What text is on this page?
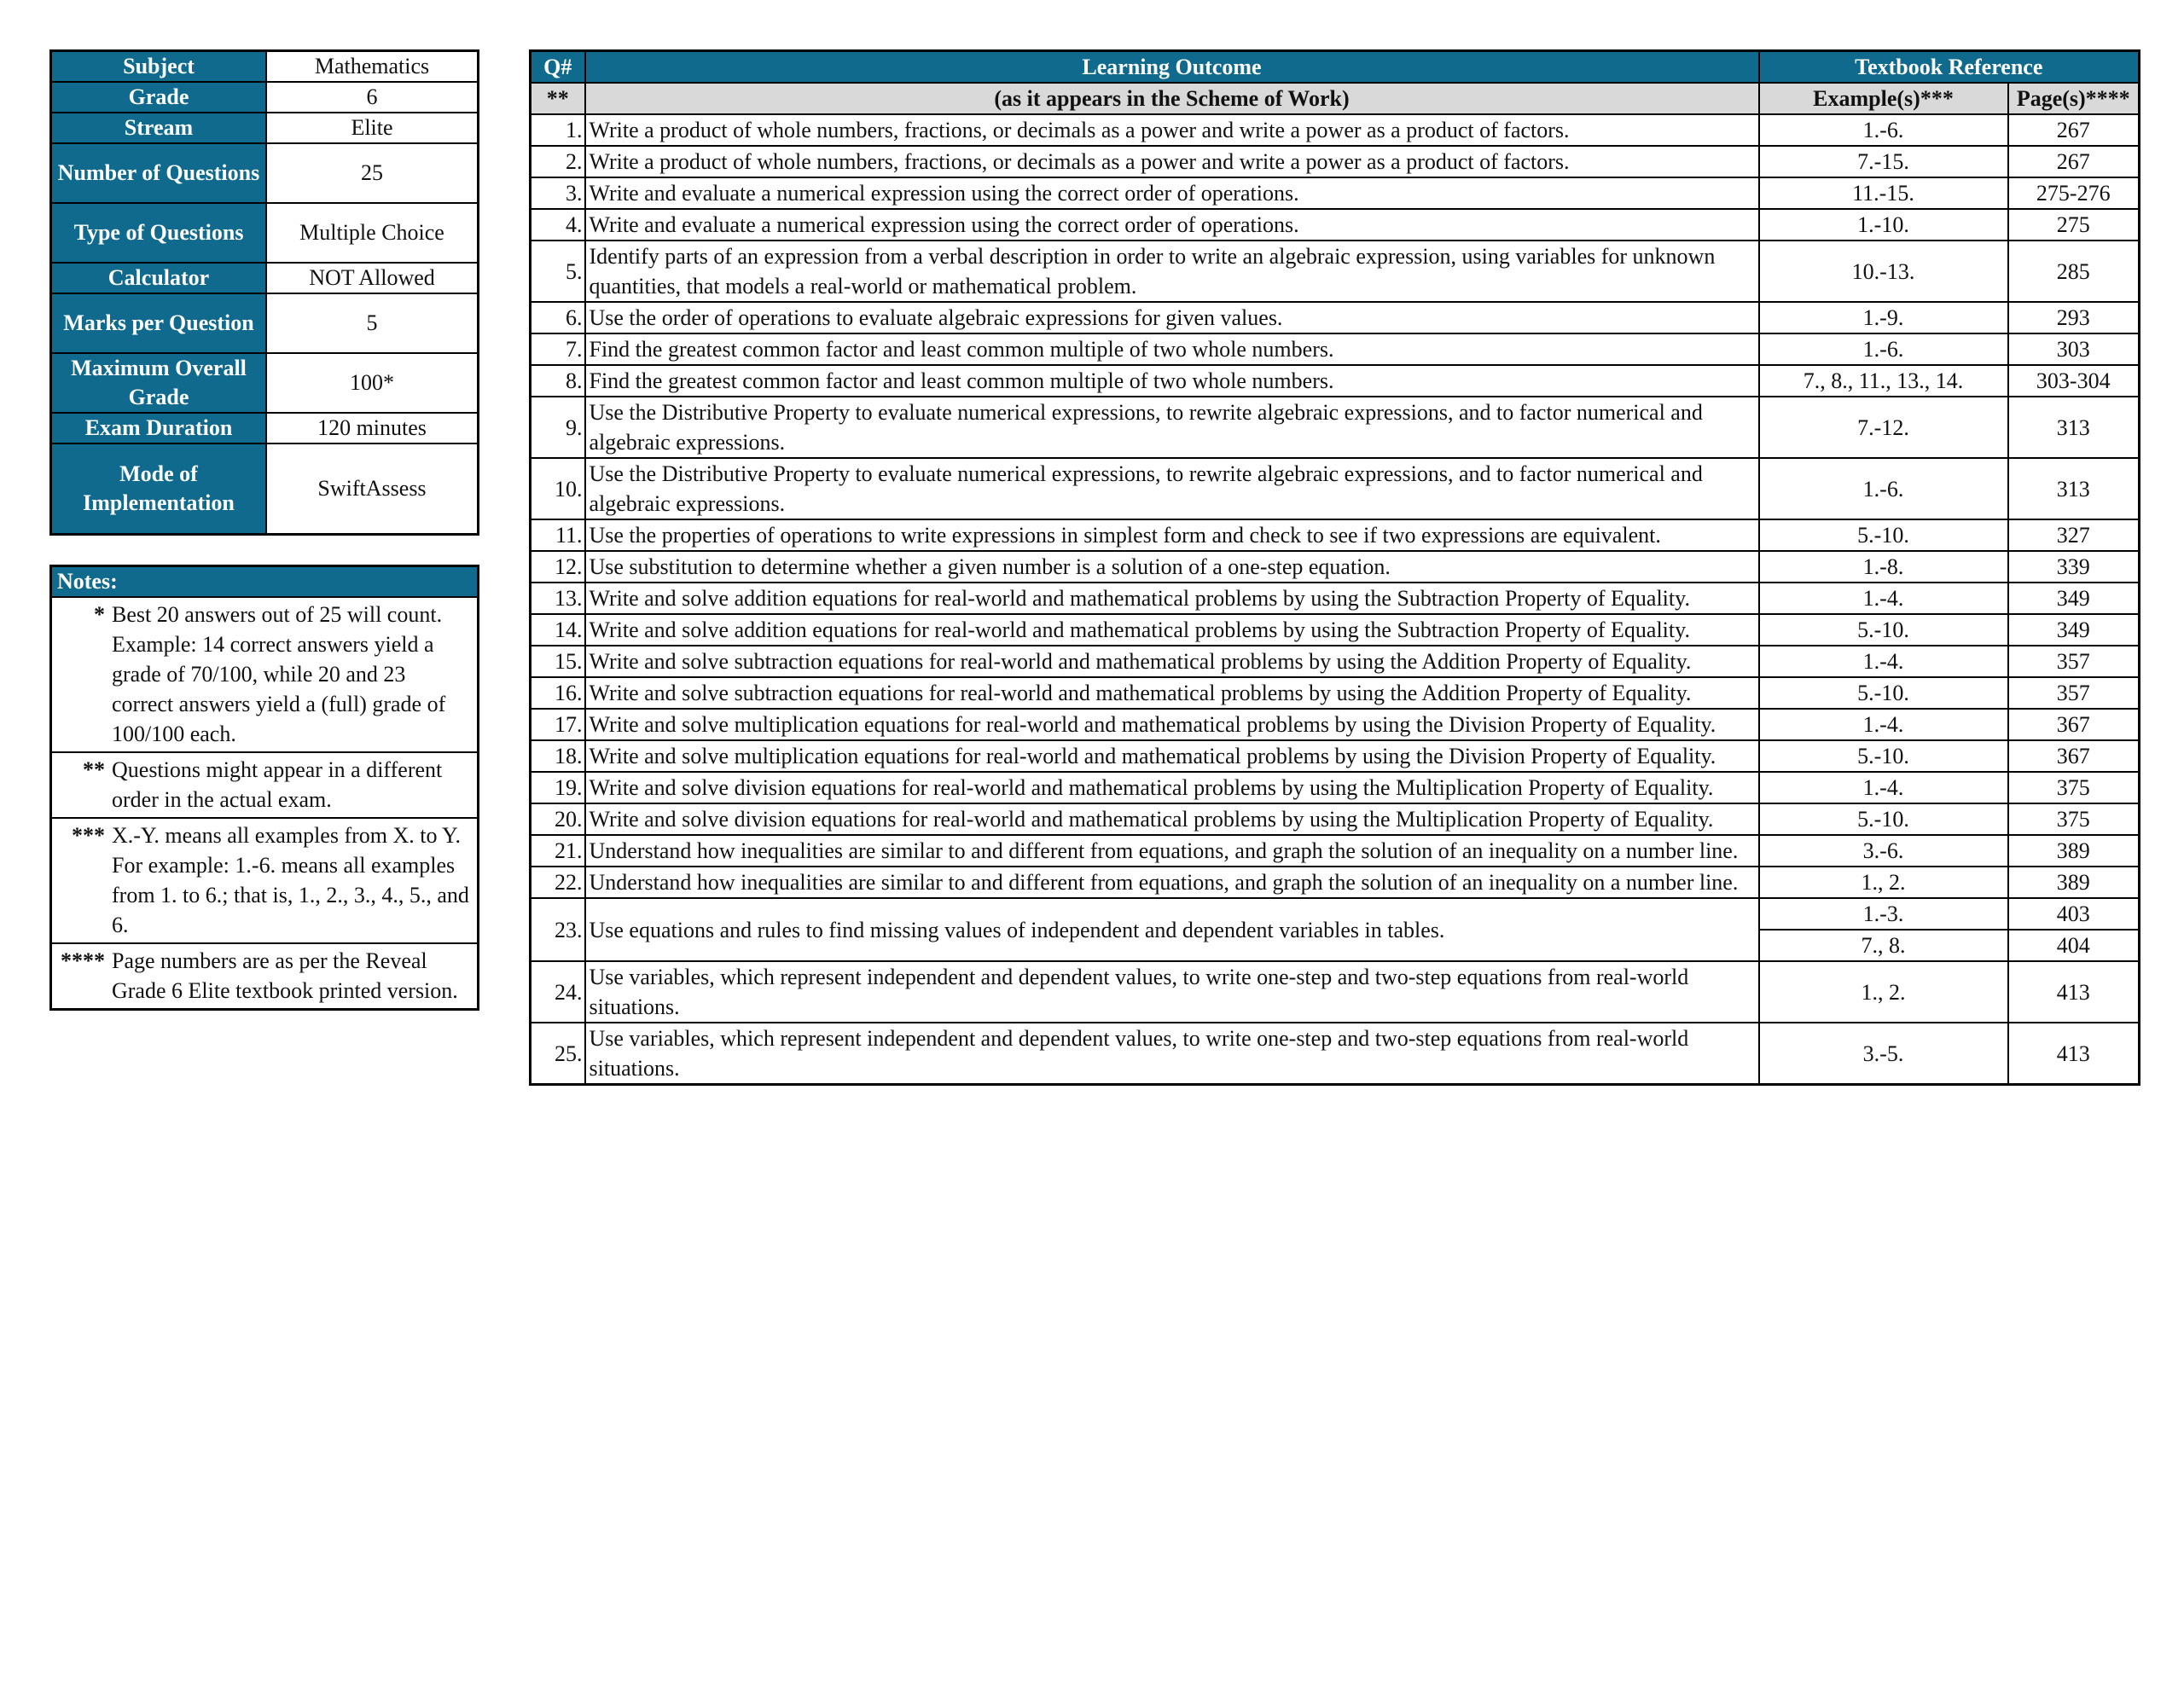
Subject	Mathematics
Grade	6
Stream	Elite
Number of Questions	25
Type of Questions	Multiple Choice
Calculator	NOT Allowed
Marks per Question	5
Maximum Overall Grade	100*
Exam Duration	120 minutes
Mode of Implementation	SwiftAssess
Notes:

* Best 20 answers out of 25 will count. Example: 14 correct answers yield a grade of 70/100, while 20 and 23 correct answers yield a (full) grade of 100/100 each.

** Questions might appear in a different order in the actual exam.

*** X.-Y. means all examples from X. to Y. For example: 1.-6. means all examples from 1. to 6.; that is, 1., 2., 3., 4., 5., and 6.

**** Page numbers are as per the Reveal Grade 6 Elite textbook printed version.
Q#	Learning Outcome	Textbook Reference	
**	(as it appears in the Scheme of Work)	Example(s)***	Page(s)****
1.	Write a product of whole numbers, fractions, or decimals as a power and write a power as a product of factors.	1.-6.	267
2.	Write a product of whole numbers, fractions, or decimals as a power and write a power as a product of factors.	7.-15.	267
3.	Write and evaluate a numerical expression using the correct order of operations.	11.-15.	275-276
4.	Write and evaluate a numerical expression using the correct order of operations.	1.-10.	275
5.	Identify parts of an expression from a verbal description in order to write an algebraic expression, using variables for unknown quantities, that models a real-world or mathematical problem.	10.-13.	285
6.	Use the order of operations to evaluate algebraic expressions for given values.	1.-9.	293
7.	Find the greatest common factor and least common multiple of two whole numbers.	1.-6.	303
8.	Find the greatest common factor and least common multiple of two whole numbers.	7., 8., 11., 13., 14.	303-304
9.	Use the Distributive Property to evaluate numerical expressions, to rewrite algebraic expressions, and to factor numerical and algebraic expressions.	7.-12.	313
10.	Use the Distributive Property to evaluate numerical expressions, to rewrite algebraic expressions, and to factor numerical and algebraic expressions.	1.-6.	313
11.	Use the properties of operations to write expressions in simplest form and check to see if two expressions are equivalent.	5.-10.	327
12.	Use substitution to determine whether a given number is a solution of a one-step equation.	1.-8.	339
13.	Write and solve addition equations for real-world and mathematical problems by using the Subtraction Property of Equality.	1.-4.	349
14.	Write and solve addition equations for real-world and mathematical problems by using the Subtraction Property of Equality.	5.-10.	349
15.	Write and solve subtraction equations for real-world and mathematical problems by using the Addition Property of Equality.	1.-4.	357
16.	Write and solve subtraction equations for real-world and mathematical problems by using the Addition Property of Equality.	5.-10.	357
17.	Write and solve multiplication equations for real-world and mathematical problems by using the Division Property of Equality.	1.-4.	367
18.	Write and solve multiplication equations for real-world and mathematical problems by using the Division Property of Equality.	5.-10.	367
19.	Write and solve division equations for real-world and mathematical problems by using the Multiplication Property of Equality.	1.-4.	375
20.	Write and solve division equations for real-world and mathematical problems by using the Multiplication Property of Equality.	5.-10.	375
21.	Understand how inequalities are similar to and different from equations, and graph the solution of an inequality on a number line.	3.-6.	389
22.	Understand how inequalities are similar to and different from equations, and graph the solution of an inequality on a number line.	1., 2.	389
23.	Use equations and rules to find missing values of independent and dependent variables in tables.	1.-3.	403
		7., 8.	404
24.	Use variables, which represent independent and dependent values, to write one-step and two-step equations from real-world situations.	1., 2.	413
25.	Use variables, which represent independent and dependent values, to write one-step and two-step equations from real-world situations.	3.-5.	413
